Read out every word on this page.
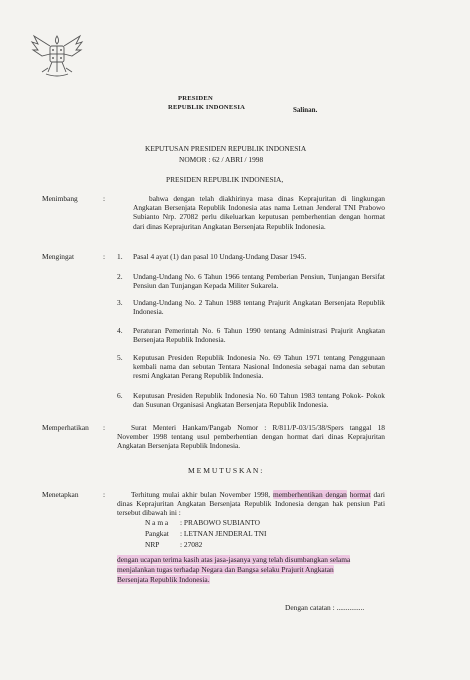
PRESIDEN
REPUBLIK INDONESIA	Salinan.
KEPUTUSAN PRESIDEN REPUBLIK INDONESIA
NOMOR : 62 / ABRI / 1998
PRESIDEN REPUBLIK INDONESIA,
Menimbang	:	bahwa dengan telah diakhirinya masa dinas Keprajuritan di lingkungan Angkatan Bersenjata Republik Indonesia atas nama Letnan Jenderal TNI Prabowo Subianto Nrp. 27082 perlu dikeluarkan keputusan pemberhentian dengan hormat dari dinas Keprajuritan Angkatan Bersenjata Republik Indonesia.
Mengingat	: 1. Pasal 4 ayat (1) dan pasal 10 Undang-Undang Dasar 1945.
2. Undang-Undang No. 6 Tahun 1966 tentang Pemberian Pensiun, Tunjangan Bersifat Pensiun dan Tunjangan Kepada Militer Sukarela.
3. Undang-Undang No. 2 Tahun 1988 tentang Prajurit Angkatan Bersenjata Republik Indonesia.
4. Peraturan Pemerintah No. 6 Tahun 1990 tentang Administrasi Prajurit Angkatan Bersenjata Republik Indonesia.
5. Keputusan Presiden Republik Indonesia No. 69 Tahun 1971 tentang Penggunaan kembali nama dan sebutan Tentara Nasional Indonesia sebagai nama dan sebutan resmi Angkatan Perang Republik Indonesia.
6. Keputusan Presiden Republik Indonesia No. 60 Tahun 1983 tentang Pokok- Pokok dan Susunan Organisasi Angkatan Bersenjata Republik Indonesia.
Memperhatikan :	Surat Menteri Hankam/Pangab Nomor : R/811/P-03/15/38/Spers tanggal 18 November 1998 tentang usul pemberhentian dengan hormat dari dinas Keprajuritan Angkatan Bersenjata Republik Indonesia.
M E M U T U S K A N :
Menetapkan	:	Terhitung mulai akhir bulan November 1998, memberhentikan dengan hormat dari dinas Keprajuritan Angkatan Bersenjata Republik Indonesia dengan hak pensiun Pati tersebut dibawah ini :
N a m a : PRABOWO SUBIANTO
Pangkat : LETNAN JENDERAL TNI
NRP	: 27082
dengan ucapan terima kasih atas jasa-jasanya yang telah disumbangkan selama
menjalankan tugas terhadap Negara dan Bangsa selaku Prajurit Angkatan
Bersenjata Republik Indonesia.
Dengan catatan : ...............
